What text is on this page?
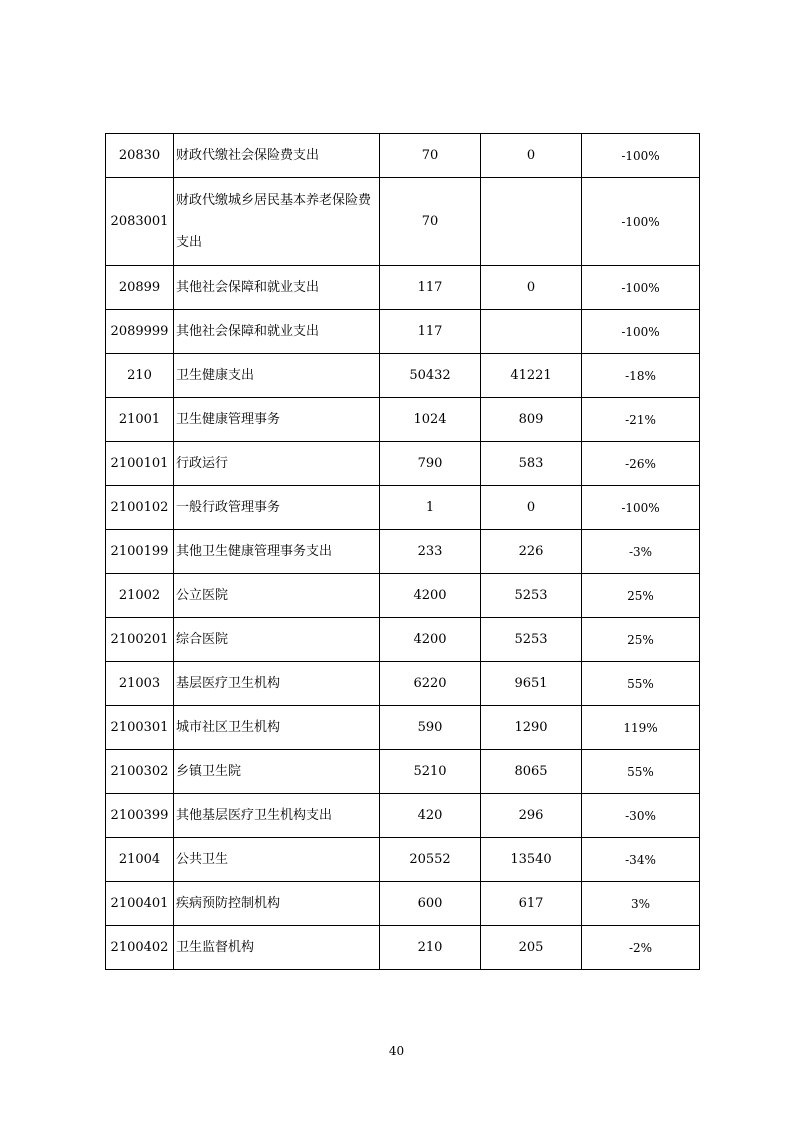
20830	财政代缴社会保险费支出	70	0	-100%
2083001	财政代缴城乡居民基本养老保险费支出	70		-100%
20899	其他社会保障和就业支出	117	0	-100%
2089999	其他社会保障和就业支出	117		-100%
210	卫生健康支出	50432	41221	-18%
21001	卫生健康管理事务	1024	809	-21%
2100101	行政运行	790	583	-26%
2100102	一般行政管理事务	1	0	-100%
2100199	其他卫生健康管理事务支出	233	226	-3%
21002	公立医院	4200	5253	25%
2100201	综合医院	4200	5253	25%
21003	基层医疗卫生机构	6220	9651	55%
2100301	城市社区卫生机构	590	1290	119%
2100302	乡镇卫生院	5210	8065	55%
2100399	其他基层医疗卫生机构支出	420	296	-30%
21004	公共卫生	20552	13540	-34%
2100401	疾病预防控制机构	600	617	3%
2100402	卫生监督机构	210	205	-2%
40
